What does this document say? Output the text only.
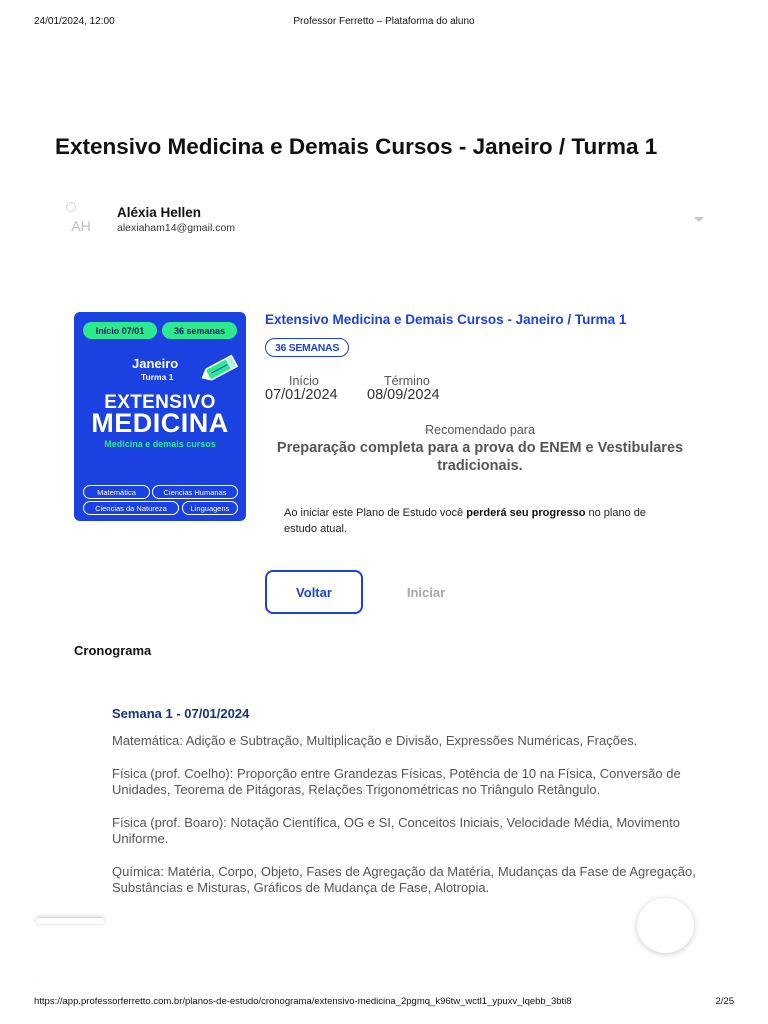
24/01/2024, 12:00	Professor Ferretto – Plataforma do aluno
Extensivo Medicina e Demais Cursos - Janeiro / Turma 1
AH
Aléxia Hellen
alexiaham14@gmail.com
Início 07/01	36 semanas
Janeiro
Turma 1
EXTENSIVO
MEDICINA
Medicina e demais cursos
Matemática	Ciencias Humanas
Ciencias da Natureza	Linguagens
Extensivo Medicina e Demais Cursos - Janeiro / Turma 1
36 SEMANAS
Início
07/01/2024
Término
08/09/2024
Recomendado para
Preparação completa para a prova do ENEM e Vestibulares tradicionais.

Ao iniciar este Plano de Estudo você perderá seu progresso no plano de estudo atual.

Voltar	Iniciar
Cronograma
Semana 1 - 07/01/2024

Matemática: Adição e Subtração, Multiplicação e Divisão, Expressões Numéricas, Frações.

Física (prof. Coelho): Proporção entre Grandezas Físicas, Potência de 10 na Física, Conversão de Unidades, Teorema de Pitágoras, Relações Trigonométricas no Triângulo Retângulo.

Física (prof. Boaro): Notação Científica, OG e SI, Conceitos Iniciais, Velocidade Média, Movimento Uniforme.

Química: Matéria, Corpo, Objeto, Fases de Agregação da Matéria, Mudanças da Fase de Agregação, Substâncias e Misturas, Gráficos de Mudança de Fase, Alotropia.

·
https://app.professorferretto.com.br/planos-de-estudo/cronograma/extensivo-medicina_2pgmq_k96tw_wctl1_ypuxv_lqebb_3bti8	2/25
